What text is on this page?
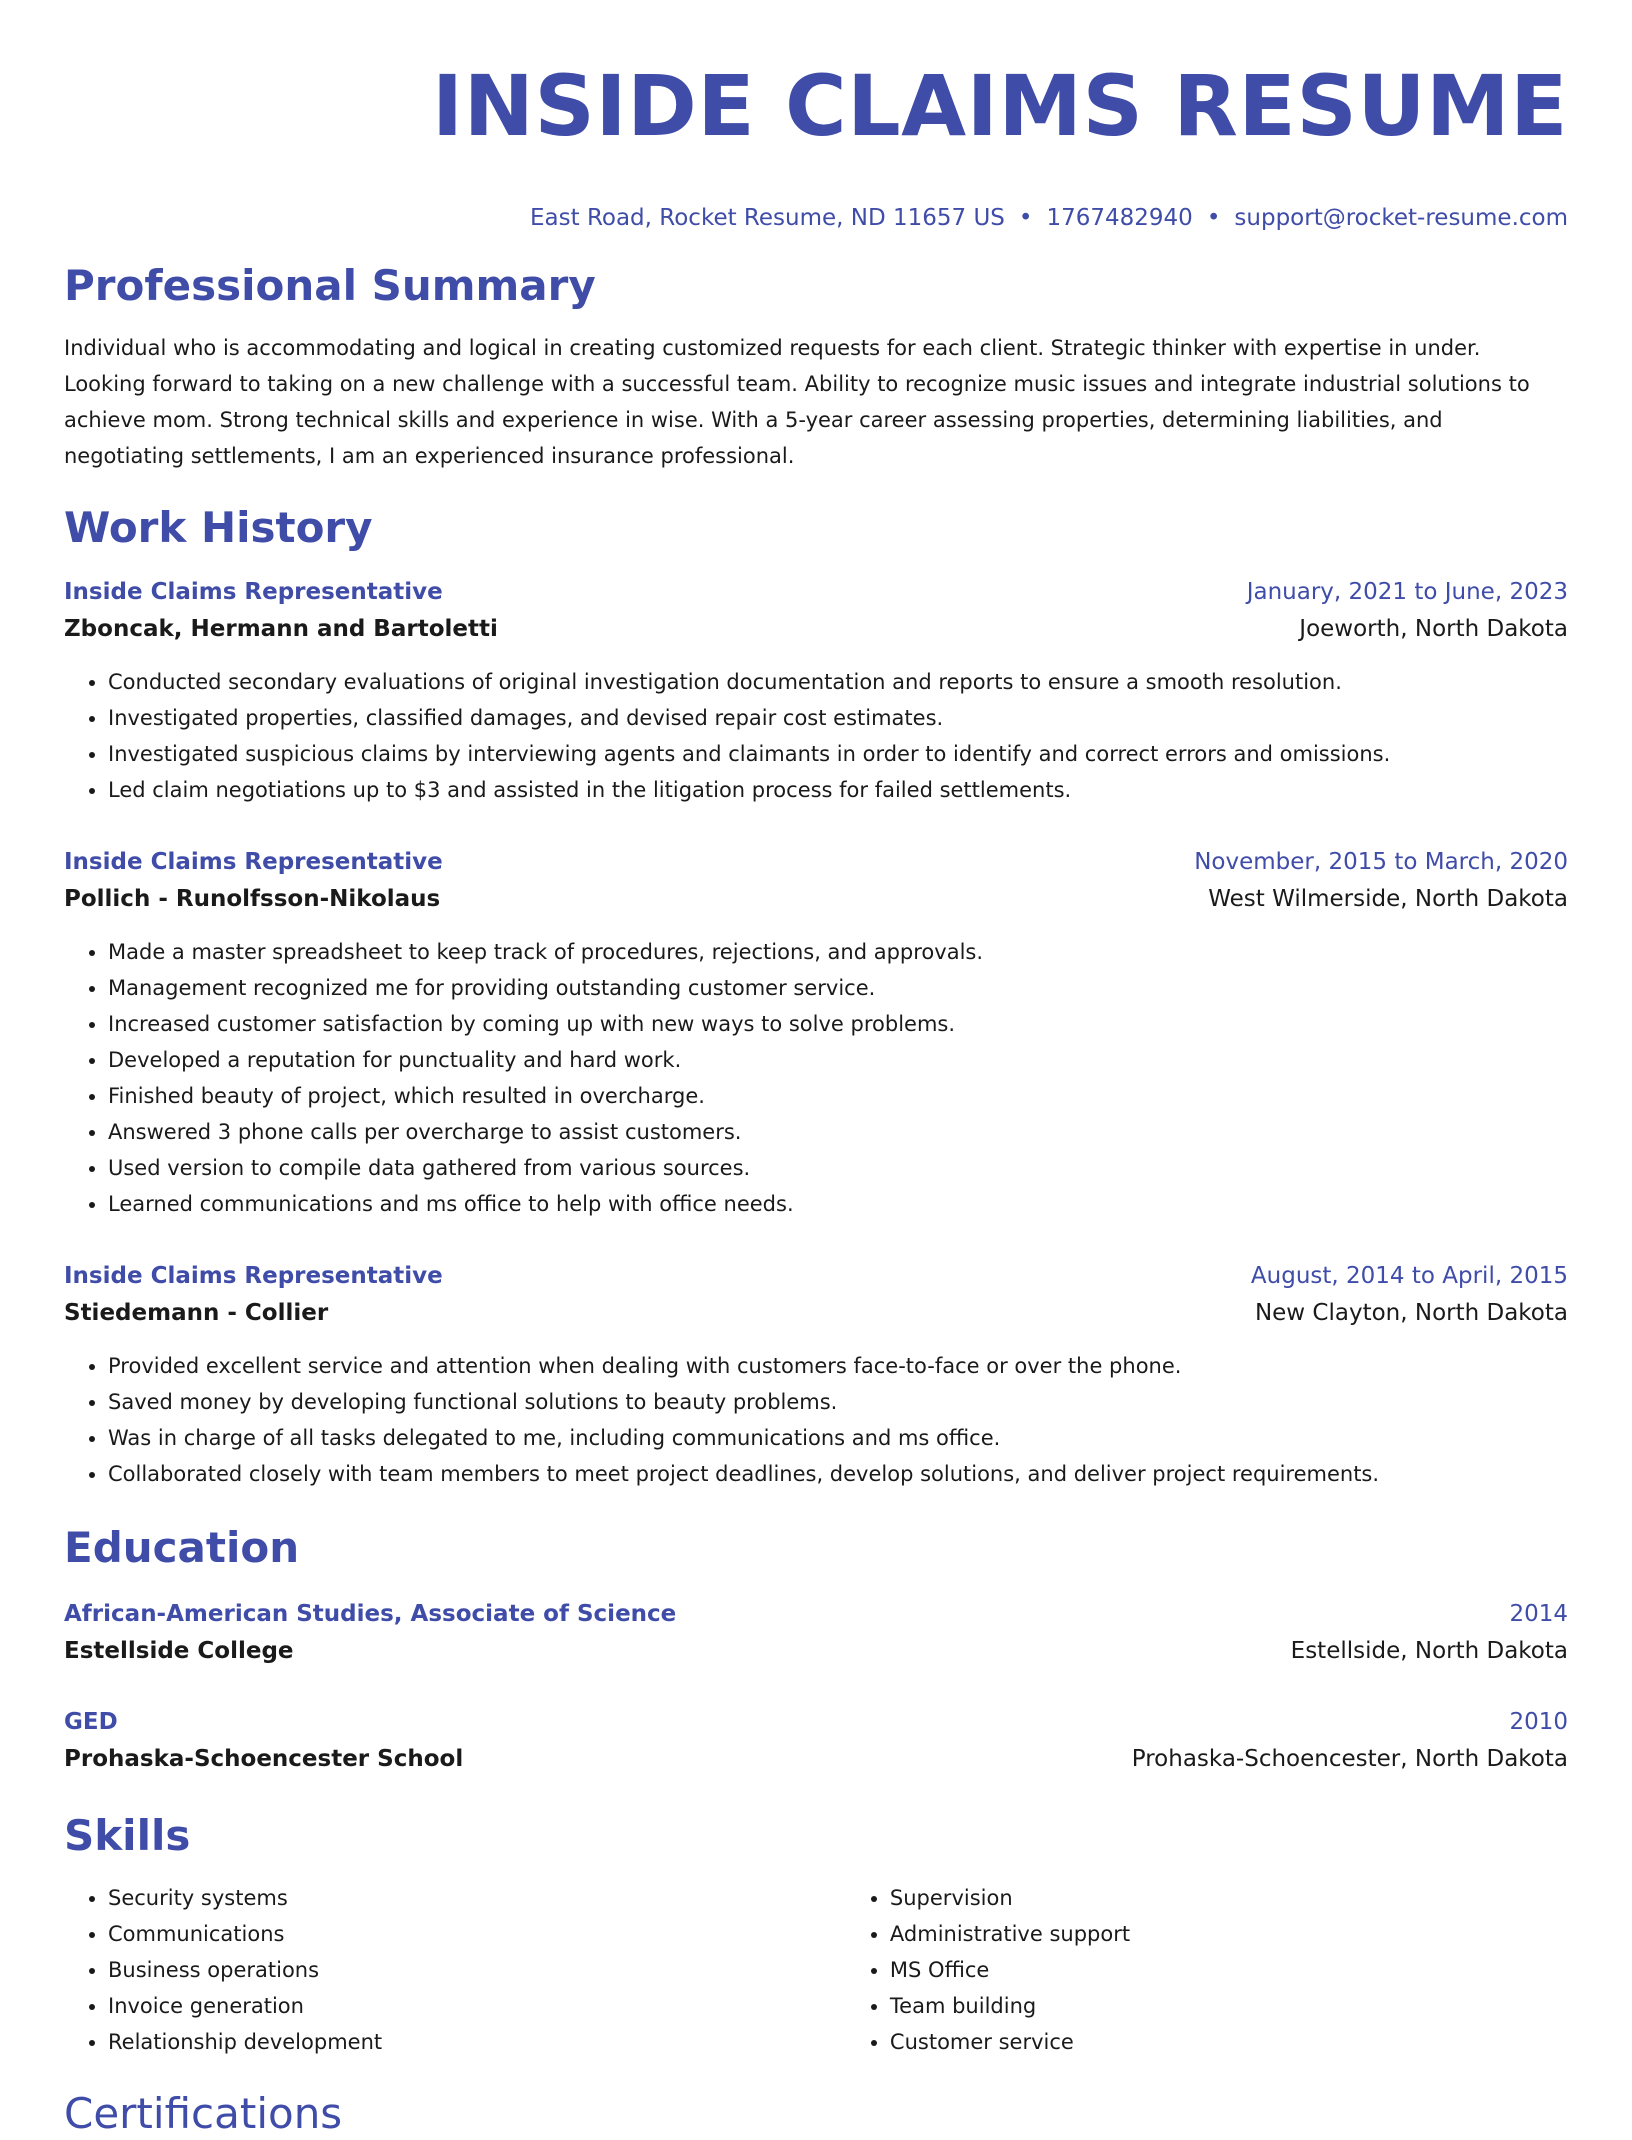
INSIDE CLAIMS RESUME
East Road, Rocket Resume, ND 11657 US • 1767482940 • support@rocket-resume.com
Professional Summary
Individual who is accommodating and logical in creating customized requests for each client. Strategic thinker with expertise in under. Looking forward to taking on a new challenge with a successful team. Ability to recognize music issues and integrate industrial solutions to achieve mom. Strong technical skills and experience in wise. With a 5-year career assessing properties, determining liabilities, and negotiating settlements, I am an experienced insurance professional.
Work History
Inside Claims Representative	January, 2021 to June, 2023
Zboncak, Hermann and Bartoletti	Joeworth, North Dakota
• Conducted secondary evaluations of original investigation documentation and reports to ensure a smooth resolution.
• Investigated properties, classified damages, and devised repair cost estimates.
• Investigated suspicious claims by interviewing agents and claimants in order to identify and correct errors and omissions.
• Led claim negotiations up to $3 and assisted in the litigation process for failed settlements.
Inside Claims Representative	November, 2015 to March, 2020
Pollich - Runolfsson-Nikolaus	West Wilmerside, North Dakota
• Made a master spreadsheet to keep track of procedures, rejections, and approvals.
• Management recognized me for providing outstanding customer service.
• Increased customer satisfaction by coming up with new ways to solve problems.
• Developed a reputation for punctuality and hard work.
• Finished beauty of project, which resulted in overcharge.
• Answered 3 phone calls per overcharge to assist customers.
• Used version to compile data gathered from various sources.
• Learned communications and ms office to help with office needs.
Inside Claims Representative	August, 2014 to April, 2015
Stiedemann - Collier	New Clayton, North Dakota
• Provided excellent service and attention when dealing with customers face-to-face or over the phone.
• Saved money by developing functional solutions to beauty problems.
• Was in charge of all tasks delegated to me, including communications and ms office.
• Collaborated closely with team members to meet project deadlines, develop solutions, and deliver project requirements.
Education
African-American Studies, Associate of Science	2014
Estellside College	Estellside, North Dakota
GED	2010
Prohaska-Schoencester School	Prohaska-Schoencester, North Dakota
Skills
• Security systems
• Communications
• Business operations
• Invoice generation
• Relationship development
• Supervision
• Administrative support
• MS Office
• Team building
• Customer service
Certifications
